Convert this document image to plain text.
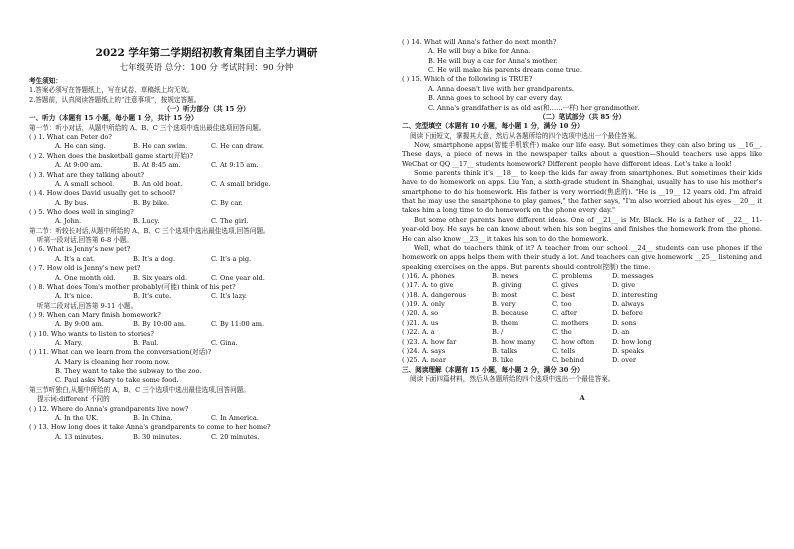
2022 学年第二学期绍初教育集团自主学力调研
七年级英语 总分：100 分 考试时间：90 分钟
考生须知：
1.答案必须写在答题纸上，写在试卷、草稿纸上均无效。
2.答题前，认真阅读答题纸上的“注意事项”，按规定答题。
（一）听力部分（共 15 分）
一、听力（本题有 15 小题，每小题 1 分，共计 15 分）
第一节：听小对话，从题中所给的 A、B、C 三个选项中选出最佳选项回答问题。
( ) 1. What can Peter do?
A. He can sing.	B. He can swim.	C. He can draw.
( ) 2. When does the basketball game start(开始)?
A. At 9:00 am.	B. At 8:45 am.	C. At 9:15 am.
( ) 3. What are they talking about?
A. A small school.	B. An old boat.	C. A small bridge.
( ) 4. How does David usually get to school?
A. By bus.	B. By bike.	C. By car.
( ) 5. Who does well in singing?
A. John.	B. Lucy.	C. The girl.
第二节：听较长对话,从题中所给的 A、B、C 三个选项中选出最佳选项,回答问题。
听第一段对话,回答第 6-8 小题。
( ) 6. What is Jenny's new pet?
A. It's a cat.	B. It's a dog.	C. It's a pig.
( ) 7. How old is Jenny's new pet?
A. One month old.	B. Six years old.	C. One year old.
( ) 8. What does Tom's mother probably(可能) think of his pet?
A. It's nice.	B. It's cute.	C. It's lazy.
听第二段对话,回答第 9-11 小题。
( ) 9. When can Mary finish homework?
A. By 9:00 am.	B. By 10:00 am.	C. By 11:00 am.
( ) 10. Who wants to listen to stories?
A. Mary.	B. Paul.	C. Gina.
( ) 11. What can we learn from the conversation(对话)?
A. Mary is cleaning her room now.
B. They want to take the subway to the zoo.
C. Paul asks Mary to take some food.
第三节听独白,从题中所给的 A、B、C 三个选项中选出最佳选项,回答问题。
提示词:different 不同的
( ) 12. Where do Anna's grandparents live now?
A. In the UK.	B. In China.	C. In America.
( ) 13. How long does it take Anna's grandparents to come to her home?
A. 13 minutes.	B. 30 minutes.	C. 20 minutes.
( ) 14. What will Anna's father do next month?
A. He will buy a bike for Anna.
B. He will buy a car for Anna's mother.
C. He will make his parents dream come true.
( ) 15. Which of the following is TRUE?
A. Anna doesn't live with her grandparents.
B. Anna goes to school by car every day.
C. Anna's grandfather is as old as(和……一样) her grandmother.
（二）笔试部分（共 85 分）
二、完型填空（本题有 10 小题，每小题 1 分，满分 10 分）
阅读下面短文，掌握其大意，然后从各题所给的四个选项中选出一个最佳答案。
Now, smartphone apps(智能手机软件) make our life easy. But sometimes they can also bring us __16__. These days, a piece of news in the newspaper talks about a question—Should teachers use apps like WeChat or QQ __17__ students homework? Different people have different ideas. Let's take a look!
Some parents think it's __18__ to keep the kids far away from smartphones. But sometimes their kids have to do homework on apps. Liu Yan, a sixth-grade student in Shanghai, usually has to use his mother's smartphone to do his homework. His father is very worried(焦虑的). "He is __19__ 12 years old. I'm afraid that he may use the smartphone to play games," the father says, "I'm also worried about his eyes __20__ it takes him a long time to do homework on the phone every day."
But some other parents have different ideas. One of __21__ is Mr. Black. He is a father of __22__ 11-year-old boy. He says he can know about when his son begins and finishes the homework from the phone. He can also know __23__ it takes his son to do the homework.
Well, what do teachers think of it? A teacher from our school __24__ students can use phones if the homework on apps helps them with their study a lot. And teachers can give homework __25__ listening and speaking exercises on the apps. But parents should control(控制) the time.
( )16. A. phones	B. news	C. problems	D. messages
( )17. A. to give	B. giving	C. gives	D. give
( )18. A. dangerous	B. most	C. best	D. interesting
( )19. A. only	B. very	C. too	D. always
( )20. A. so	B. because	C. after	D. before
( )21. A. us	B. them	C. mothers	D. sons
( )22. A. a	B. /	C. the	D. an
( )23. A. how far	B. how many	C. how often	D. how long
( )24. A. says	B. talks	C. tells	D. speaks
( )25. A. near	B. like	C. behind	D. over
三、阅读理解（本题有 15 小题，每小题 2 分，满分 30 分）
阅读下面四篇材料，然后从各题所给的四个选项中选出一个最佳答案。
A
